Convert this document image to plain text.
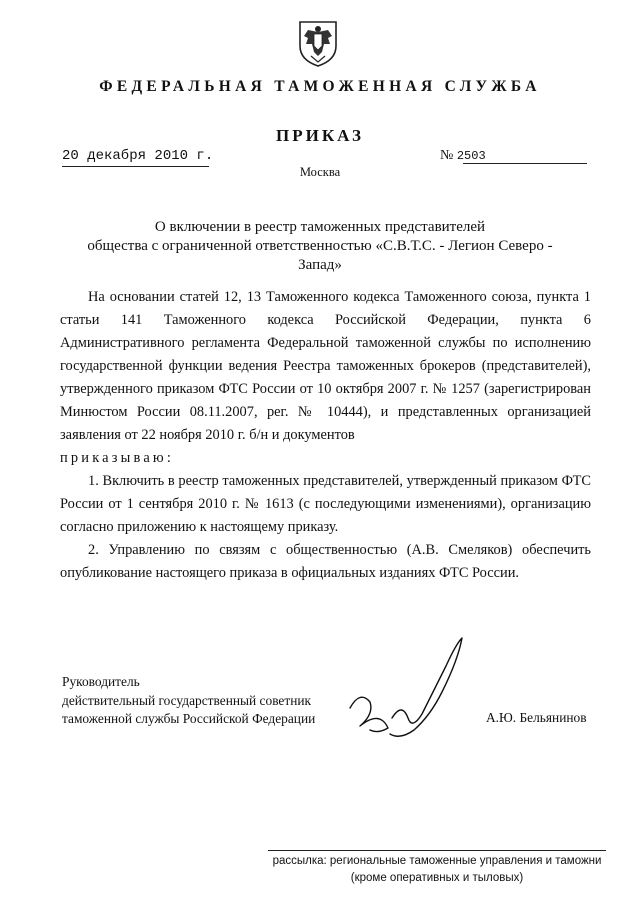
ФЕДЕРАЛЬНАЯ ТАМОЖЕННАЯ СЛУЖБА
ПРИКАЗ
20 декабря 2010 г.	№ 2503
Москва
О включении в реестр таможенных представителей
общества с ограниченной ответственностью «С.В.Т.С. - Легион Северо -
Запад»

На основании статей 12, 13 Таможенного кодекса Таможенного союза, пункта 1 статьи 141 Таможенного кодекса Российской Федерации, пункта 6 Административного регламента Федеральной таможенной службы по исполнению государственной функции ведения Реестра таможенных брокеров (представителей), утвержденного приказом ФТС России от 10 октября 2007 г. № 1257 (зарегистрирован Минюстом России 08.11.2007, рег. № 10444), и представленных организацией заявления от 22 ноября 2010 г. б/н и документов

приказываю:

1. Включить в реестр таможенных представителей, утвержденный приказом ФТС России от 1 сентября 2010 г. № 1613 (с последующими изменениями), организацию согласно приложению к настоящему приказу.

2. Управлению по связям с общественностью (А.В. Смеляков) обеспечить опубликование настоящего приказа в официальных изданиях ФТС России.

Руководитель
действительный государственный советник
таможенной службы Российской Федерации	А.Ю. Бельянинов
рассылка: региональные таможенные управления и таможни
(кроме оперативных и тыловых)
